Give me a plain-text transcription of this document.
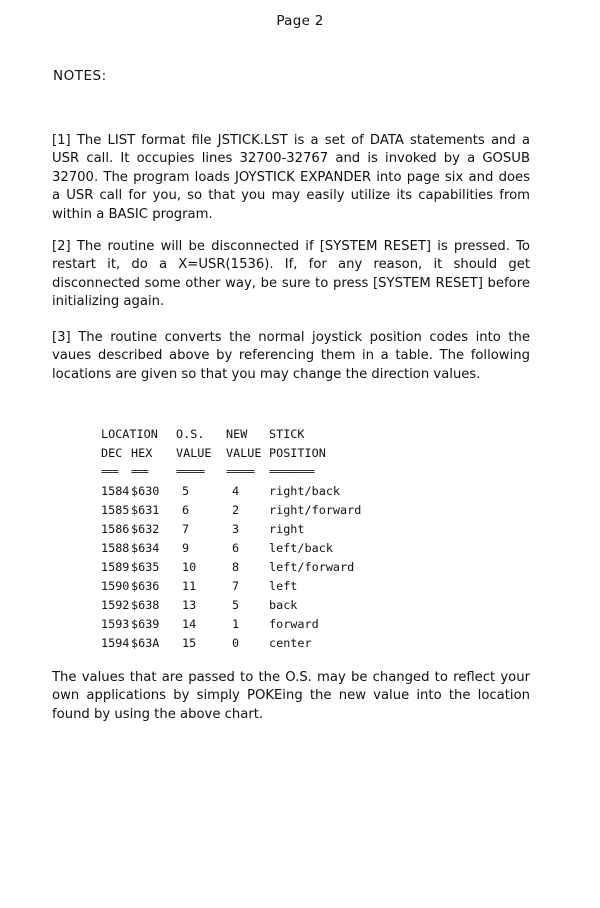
Page 2
NOTES:

[1] The LIST format file JSTICK.LST is a set of DATA statements and a USR call. It occupies lines 32700-32767 and is invoked by a GOSUB 32700. The program loads JOYSTICK EXPANDER into page six and does a USR call for you, so that you may easily utilize its capabilities from within a BASIC program.

[2] The routine will be disconnected if [SYSTEM RESET] is pressed. To restart it, do a X=USR(1536). If, for any reason, it should get disconnected some other way, be sure to press [SYSTEM RESET] before initializing again.

[3] The routine converts the normal joystick position codes into the vaues described above by referencing them in a table. The following locations are given so that you may change the direction values.

LOCATION		O.S.	NEW	STICK
DEC	HEX	VALUE	VALUE	POSITION
===	===	=====	=====	========
1584	$630	5	4	right/back
1585	$631	6	2	right/forward
1586	$632	7	3	right
1588	$634	9	6	left/back
1589	$635	10	8	left/forward
1590	$636	11	7	left
1592	$638	13	5	back
1593	$639	14	1	forward
1594	$63A	15	0	center

The values that are passed to the O.S. may be changed to reflect your own applications by simply POKEing the new value into the location found by using the above chart.
